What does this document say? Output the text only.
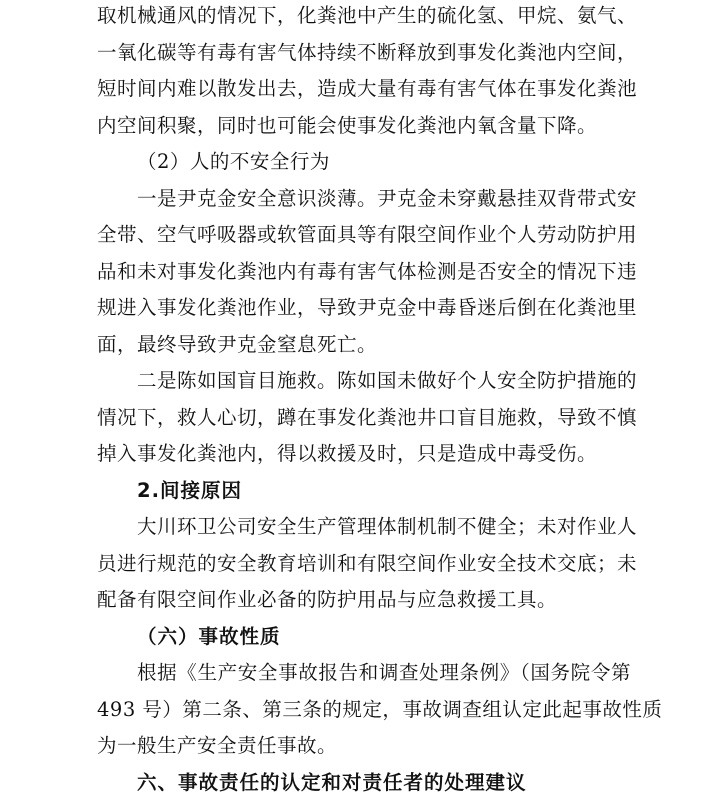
取机械通风的情况下，化粪池中产生的硫化氢、甲烷、氨气、
一氧化碳等有毒有害气体持续不断释放到事发化粪池内空间，
短时间内难以散发出去，造成大量有毒有害气体在事发化粪池
内空间积聚，同时也可能会使事发化粪池内氧含量下降。
（2）人的不安全行为
一是尹克金安全意识淡薄。尹克金未穿戴悬挂双背带式安
全带、空气呼吸器或软管面具等有限空间作业个人劳动防护用
品和未对事发化粪池内有毒有害气体检测是否安全的情况下违
规进入事发化粪池作业，导致尹克金中毒昏迷后倒在化粪池里
面，最终导致尹克金窒息死亡。
二是陈如国盲目施救。陈如国未做好个人安全防护措施的
情况下，救人心切，蹲在事发化粪池井口盲目施救，导致不慎
掉入事发化粪池内，得以救援及时，只是造成中毒受伤。
2.间接原因
大川环卫公司安全生产管理体制机制不健全；未对作业人
员进行规范的安全教育培训和有限空间作业安全技术交底；未
配备有限空间作业必备的防护用品与应急救援工具。
（六）事故性质
根据《生产安全事故报告和调查处理条例》（国务院令第
493 号）第二条、第三条的规定，事故调查组认定此起事故性质
为一般生产安全责任事故。
六、事故责任的认定和对责任者的处理建议
